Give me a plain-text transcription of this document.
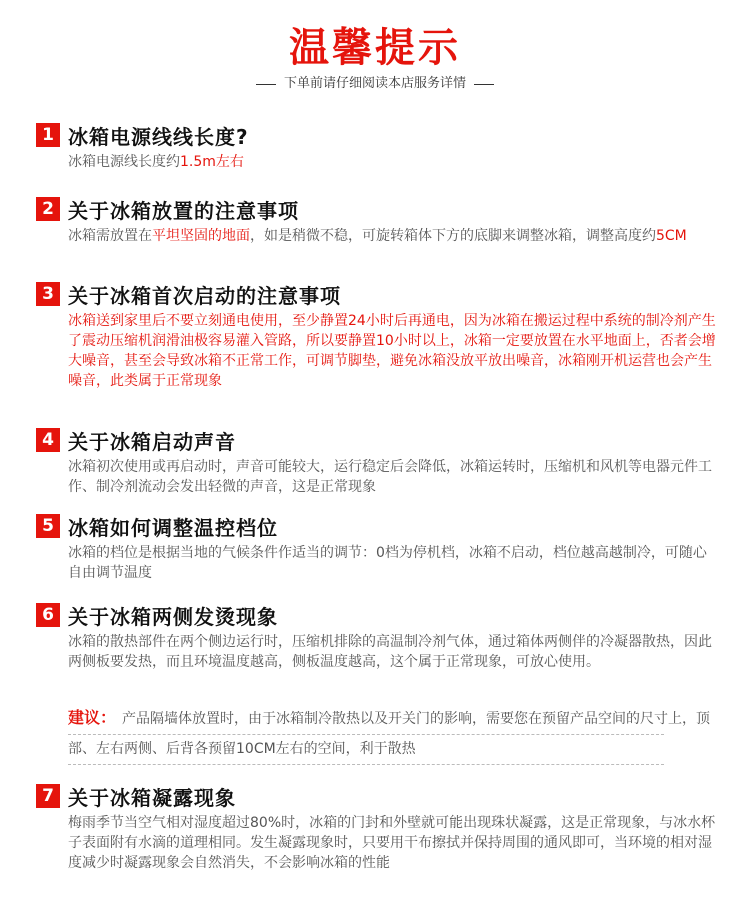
温馨提示
下单前请仔细阅读本店服务详情
1 冰箱电源线线长度?
冰箱电源线长度约1.5m左右
2 关于冰箱放置的注意事项
冰箱需放置在平坦坚固的地面，如是稍微不稳，可旋转箱体下方的底脚来调整冰箱，调整高度约5CM
3 关于冰箱首次启动的注意事项
冰箱送到家里后不要立刻通电使用，至少静置24小时后再通电，因为冰箱在搬运过程中系统的制冷剂产生了震动压缩机润滑油极容易灌入管路，所以要静置10小时以上，冰箱一定要放置在水平地面上，否者会增大噪音，甚至会导致冰箱不正常工作，可调节脚垫，避免冰箱没放平放出噪音，冰箱刚开机运营也会产生噪音，此类属于正常现象
4 关于冰箱启动声音
冰箱初次使用或再启动时，声音可能较大，运行稳定后会降低，冰箱运转时，压缩机和风机等电器元件工作、制冷剂流动会发出轻微的声音，这是正常现象
5 冰箱如何调整温控档位
冰箱的档位是根据当地的气候条件作适当的调节：0档为停机档，冰箱不启动，档位越高越制冷，可随心自由调节温度
6 关于冰箱两侧发烫现象
冰箱的散热部件在两个侧边运行时，压缩机排除的高温制冷剂气体，通过箱体两侧伴的冷凝器散热，因此两侧板要发热，而且环境温度越高，侧板温度越高，这个属于正常现象，可放心使用。
建议： 产品隔墙体放置时，由于冰箱制冷散热以及开关门的影响，需要您在预留产品空间的尺寸上，顶部、左右两侧、后背各预留10CM左右的空间，利于散热
7 关于冰箱凝露现象
梅雨季节当空气相对湿度超过80%时，冰箱的门封和外壁就可能出现珠状凝露，这是正常现象，与冰水杯子表面附有水滴的道理相同。发生凝露现象时，只要用干布擦拭并保持周围的通风即可，当环境的相对湿度减少时凝露现象会自然消失，不会影响冰箱的性能
